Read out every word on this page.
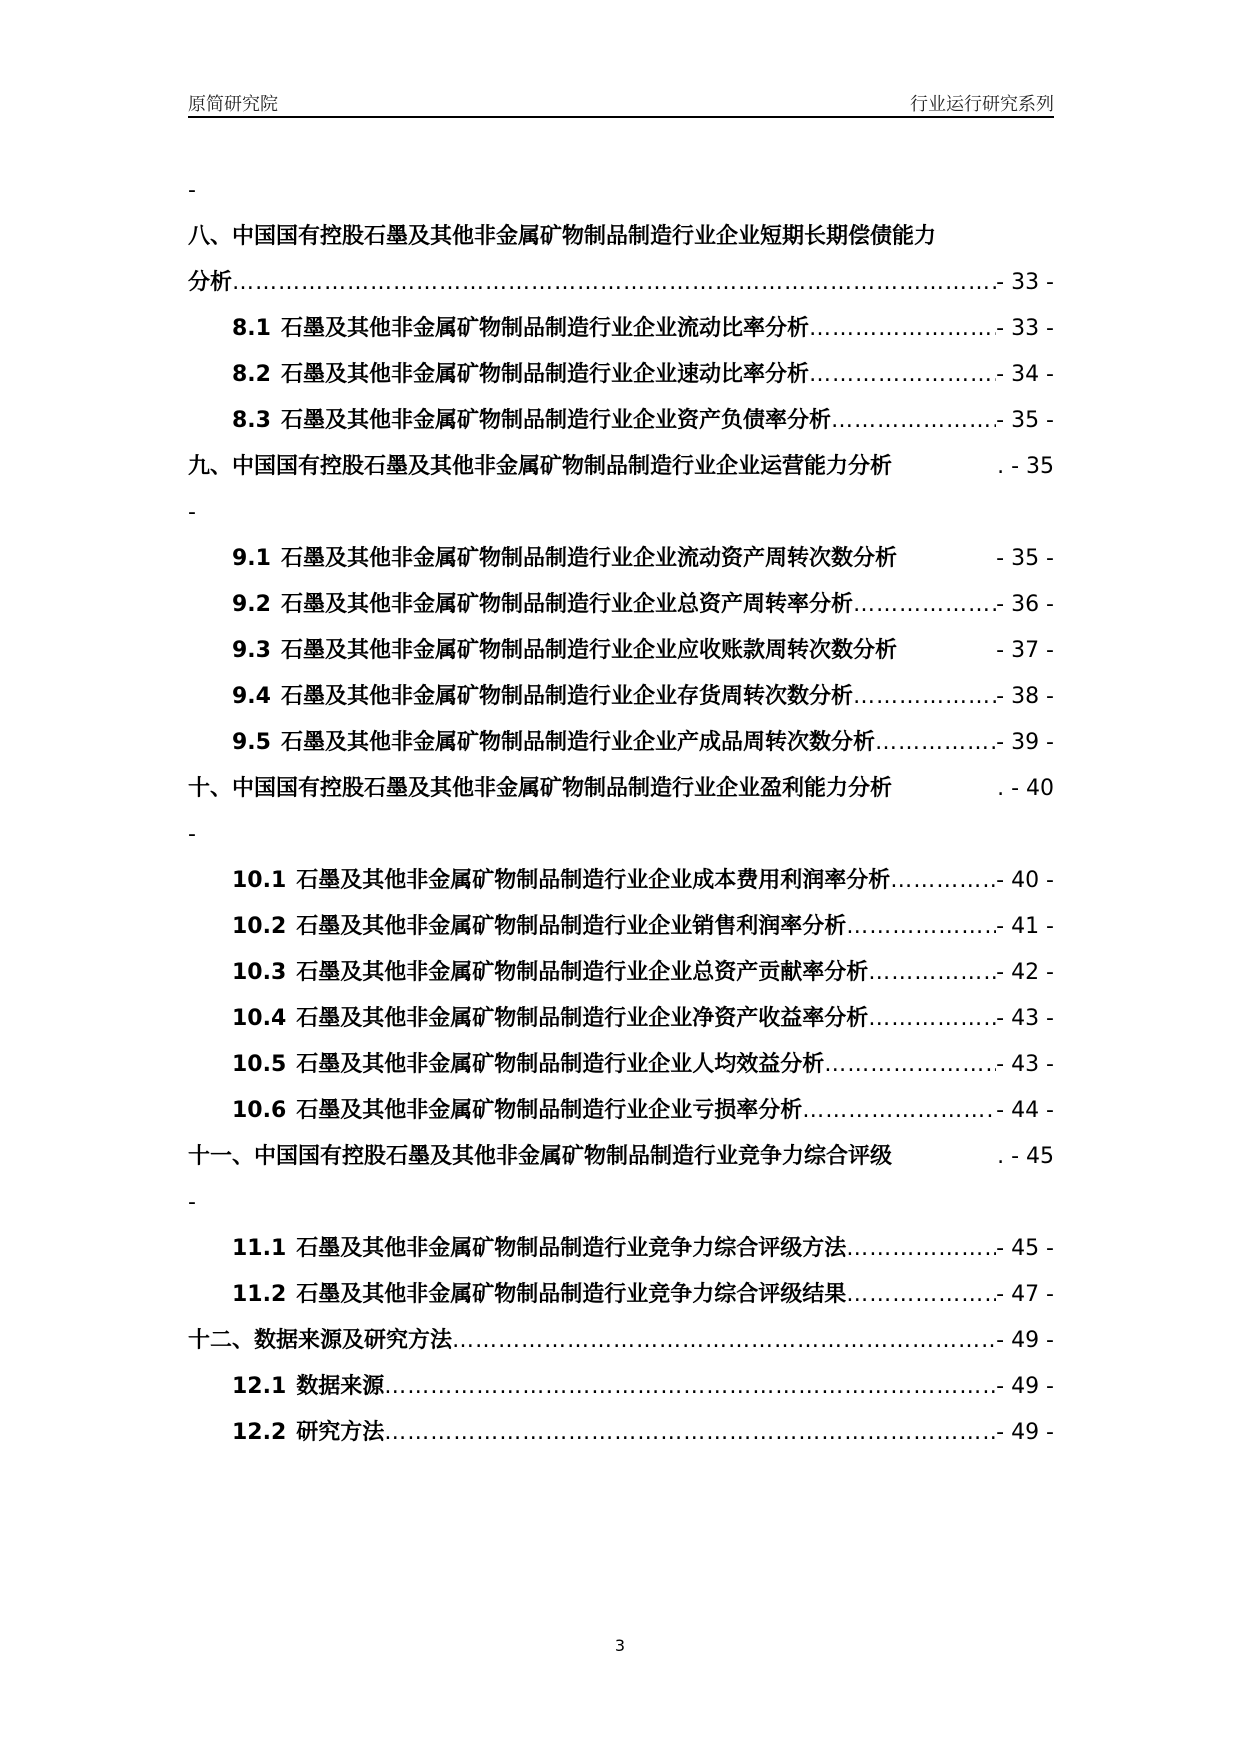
原简研究院	行业运行研究系列
-
八、中国国有控股石墨及其他非金属矿物制品制造行业企业短期长期偿债能力
分析 ……………………………………………………………………………………………………………………………………………………………………………………	- 33 -
8.1 石墨及其他非金属矿物制品制造行业企业流动比率分析 ……………………………………………………………………………………………………………………………………………………………………………………	- 33 -
8.2 石墨及其他非金属矿物制品制造行业企业速动比率分析 ……………………………………………………………………………………………………………………………………………………………………………………	- 34 -
8.3 石墨及其他非金属矿物制品制造行业企业资产负债率分析 ……………………………………………………………………………………………………………………………………………………………………………………	- 35 -
九、中国国有控股石墨及其他非金属矿物制品制造行业企业运营能力分析	. - 35
-
9.1 石墨及其他非金属矿物制品制造行业企业流动资产周转次数分析	- 35 -
9.2 石墨及其他非金属矿物制品制造行业企业总资产周转率分析 ……………………………………………………………………………………………………………………………………………………………………………………	- 36 -
9.3 石墨及其他非金属矿物制品制造行业企业应收账款周转次数分析	- 37 -
9.4 石墨及其他非金属矿物制品制造行业企业存货周转次数分析 ……………………………………………………………………………………………………………………………………………………………………………………	- 38 -
9.5 石墨及其他非金属矿物制品制造行业企业产成品周转次数分析 ……………………………………………………………………………………………………………………………………………………………………………………	- 39 -
十、中国国有控股石墨及其他非金属矿物制品制造行业企业盈利能力分析	. - 40
-
10.1 石墨及其他非金属矿物制品制造行业企业成本费用利润率分析 ……………………………………………………………………………………………………………………………………………………………………………………	- 40 -
10.2 石墨及其他非金属矿物制品制造行业企业销售利润率分析 ……………………………………………………………………………………………………………………………………………………………………………………	- 41 -
10.3 石墨及其他非金属矿物制品制造行业企业总资产贡献率分析 ……………………………………………………………………………………………………………………………………………………………………………………	- 42 -
10.4 石墨及其他非金属矿物制品制造行业企业净资产收益率分析 ……………………………………………………………………………………………………………………………………………………………………………………	- 43 -
10.5 石墨及其他非金属矿物制品制造行业企业人均效益分析 ……………………………………………………………………………………………………………………………………………………………………………………	- 43 -
10.6 石墨及其他非金属矿物制品制造行业企业亏损率分析 ……………………………………………………………………………………………………………………………………………………………………………………	- 44 -
十一、中国国有控股石墨及其他非金属矿物制品制造行业竞争力综合评级	. - 45
-
11.1 石墨及其他非金属矿物制品制造行业竞争力综合评级方法 ……………………………………………………………………………………………………………………………………………………………………………………	- 45 -
11.2 石墨及其他非金属矿物制品制造行业竞争力综合评级结果 ……………………………………………………………………………………………………………………………………………………………………………………	- 47 -
十二、数据来源及研究方法 ……………………………………………………………………………………………………………………………………………………………………………………	- 49 -
12.1 数据来源 ……………………………………………………………………………………………………………………………………………………………………………………	- 49 -
12.2 研究方法 ……………………………………………………………………………………………………………………………………………………………………………………	- 49 -
3
